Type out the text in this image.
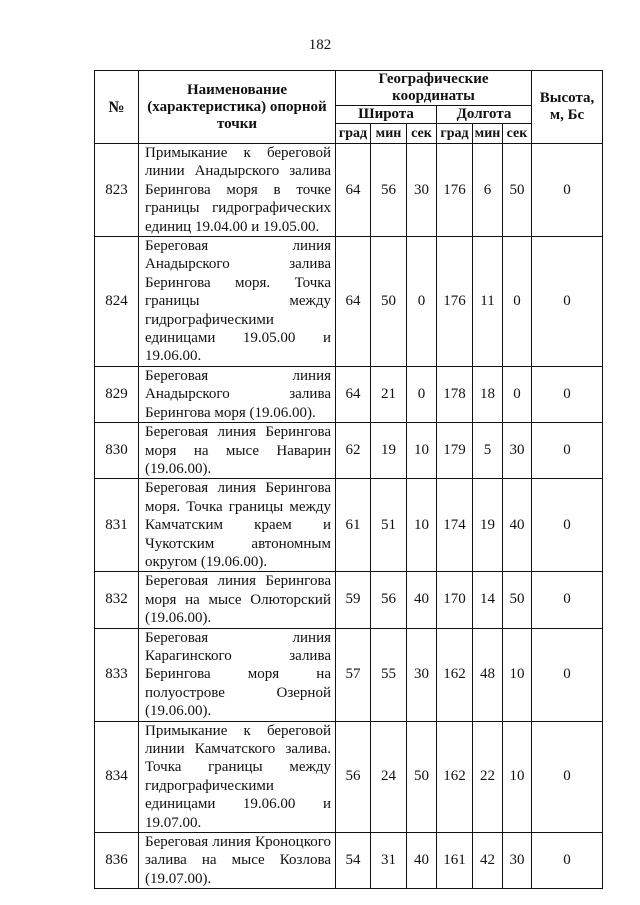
182
№	Наименование (характеристика) опорной точки	Географические координаты						Высота, м, Бс
		Широта			Долгота			
		град	мин	сек	град	мин	сек	
823	Примыкание к береговой линии Анадырского залива Берингова моря в точке границы гидрографических единиц 19.04.00 и 19.05.00.	64	56	30	176	6	50	0
824	Береговая линия Анадырского залива Берингова моря. Точка границы между гидрографическими единицами 19.05.00 и 19.06.00.	64	50	0	176	11	0	0
829	Береговая линия Анадырского залива Берингова моря (19.06.00).	64	21	0	178	18	0	0
830	Береговая линия Берингова моря на мысе Наварин (19.06.00).	62	19	10	179	5	30	0
831	Береговая линия Берингова моря. Точка границы между Камчатским краем и Чукотским автономным округом (19.06.00).	61	51	10	174	19	40	0
832	Береговая линия Берингова моря на мысе Олюторский (19.06.00).	59	56	40	170	14	50	0
833	Береговая линия Карагинского залива Берингова моря на полуострове Озерной (19.06.00).	57	55	30	162	48	10	0
834	Примыкание к береговой линии Камчатского залива. Точка границы между гидрографическими единицами 19.06.00 и 19.07.00.	56	24	50	162	22	10	0
836	Береговая линия Кроноцкого залива на мысе Козлова (19.07.00).	54	31	40	161	42	30	0
